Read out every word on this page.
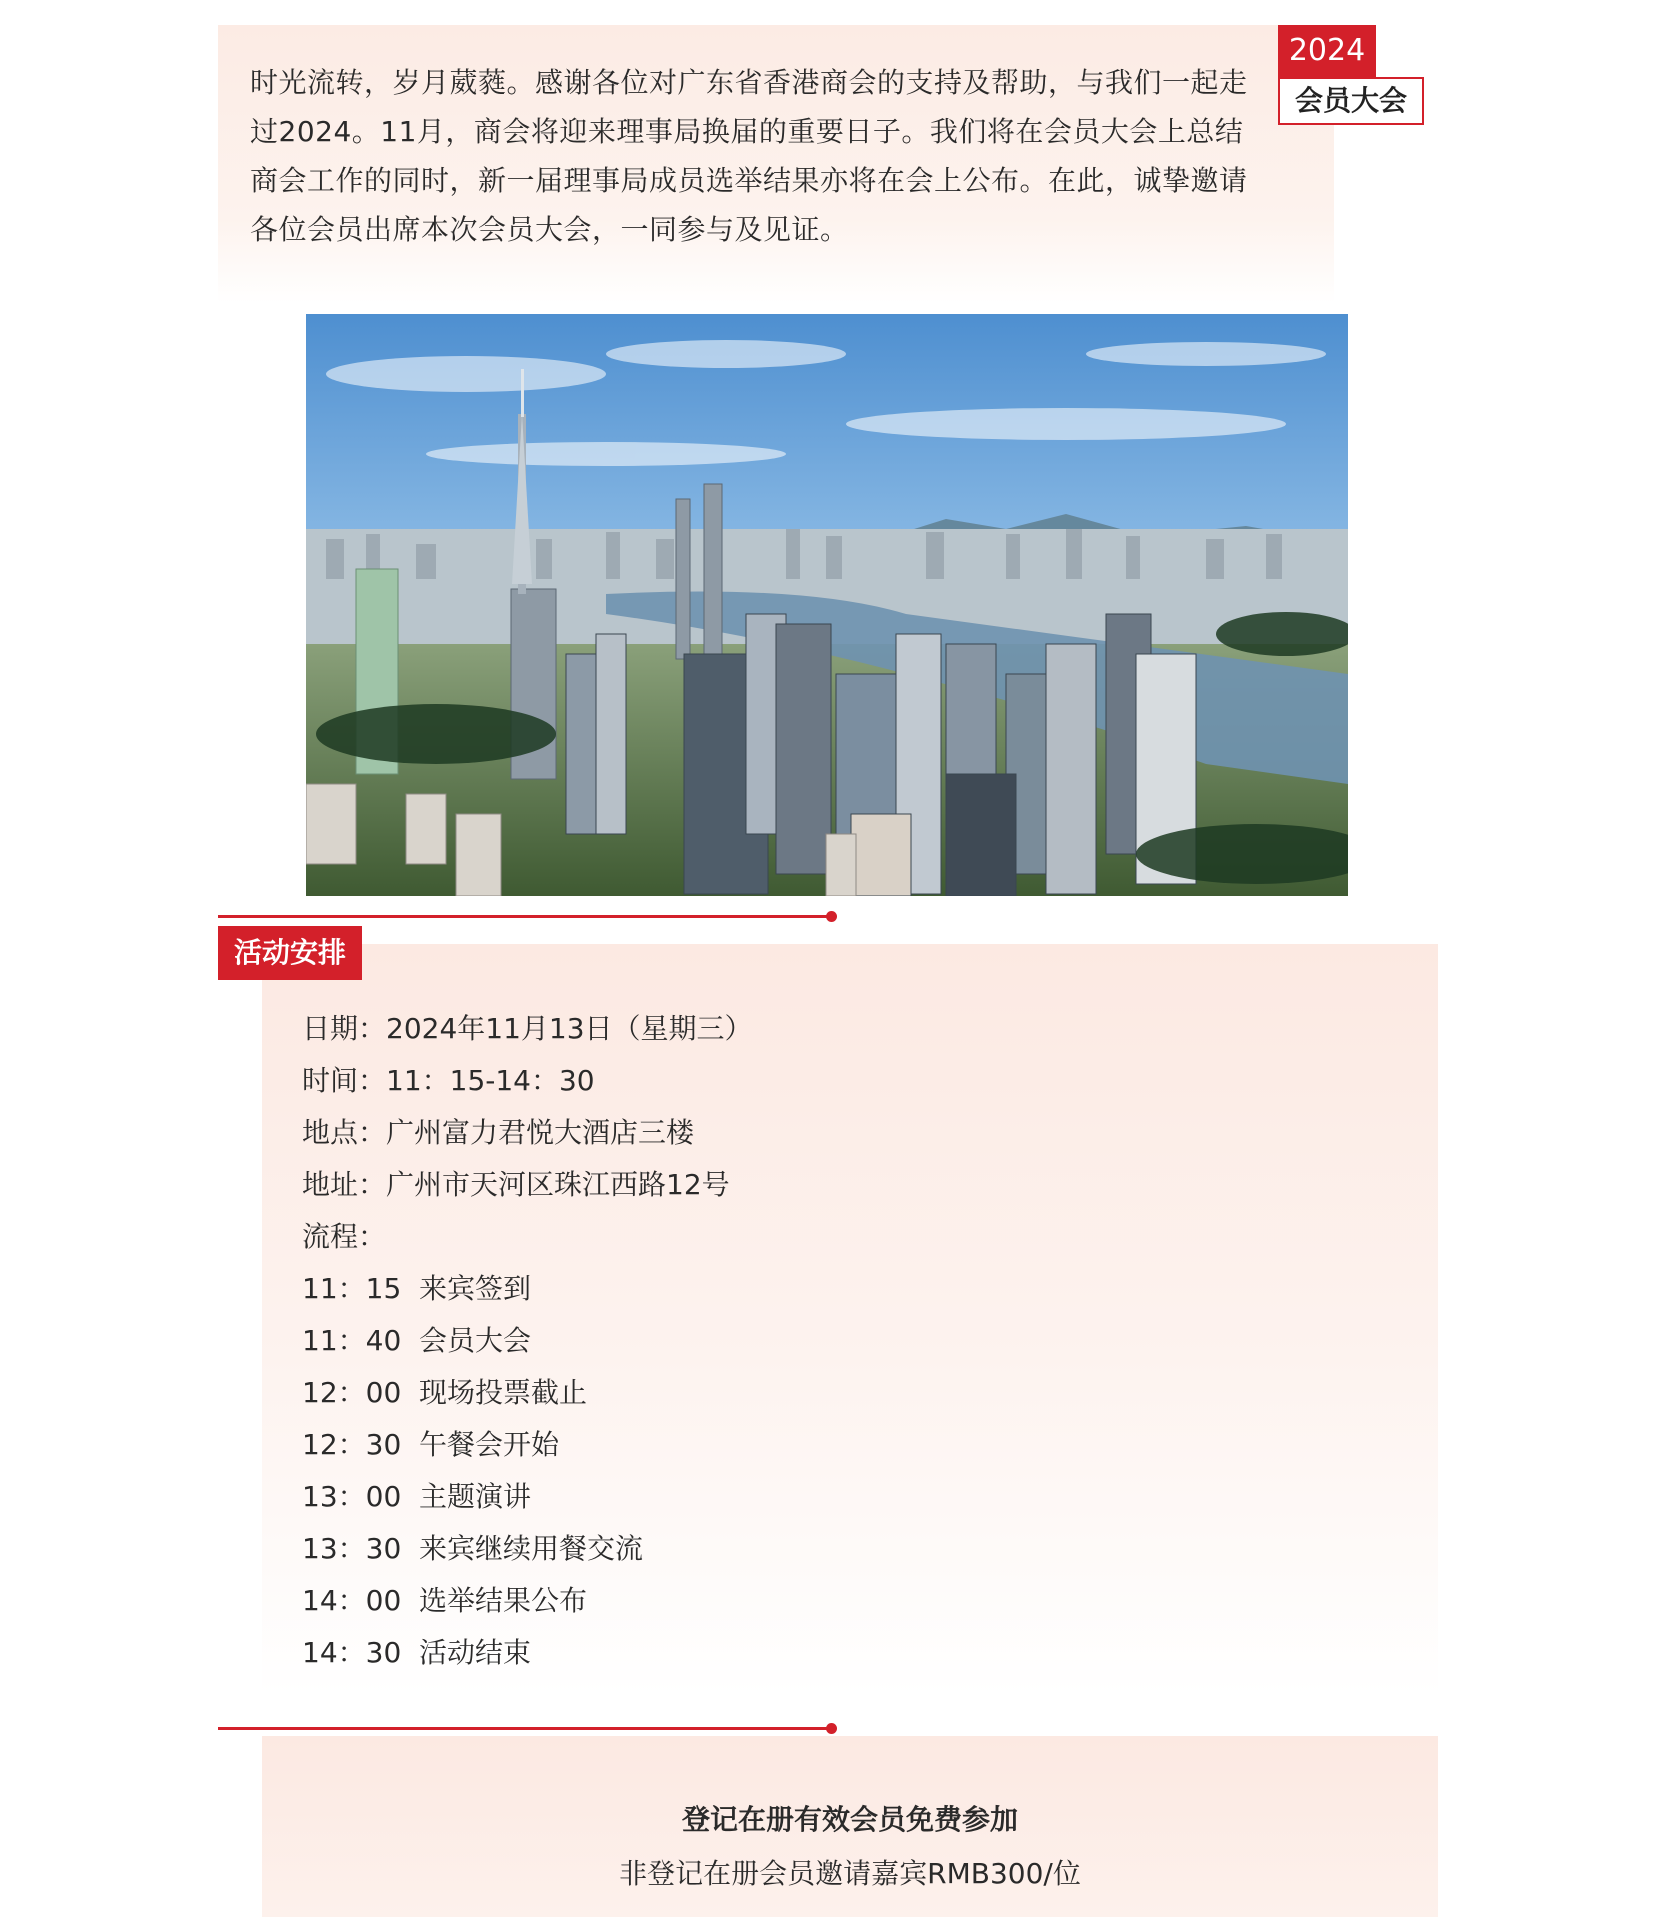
时光流转，岁月葳蕤。感谢各位对广东省香港商会的支持及帮助，与我们一起走过2024。11月，商会将迎来理事局换届的重要日子。我们将在会员大会上总结商会工作的同时，新一届理事局成员选举结果亦将在会上公布。在此，诚挚邀请各位会员出席本次会员大会，一同参与及见证。

2024
会员大会
活动安排
日期：2024年11月13日（星期三）
时间：11：15-14：30
地点：广州富力君悦大酒店三楼
地址：广州市天河区珠江西路12号
流程：
11：15  来宾签到
11：40  会员大会
12：00  现场投票截止
12：30  午餐会开始
13：00  主题演讲
13：30  来宾继续用餐交流
14：00  选举结果公布
14：30  活动结束
登记在册有效会员免费参加
非登记在册会员邀请嘉宾RMB300/位
